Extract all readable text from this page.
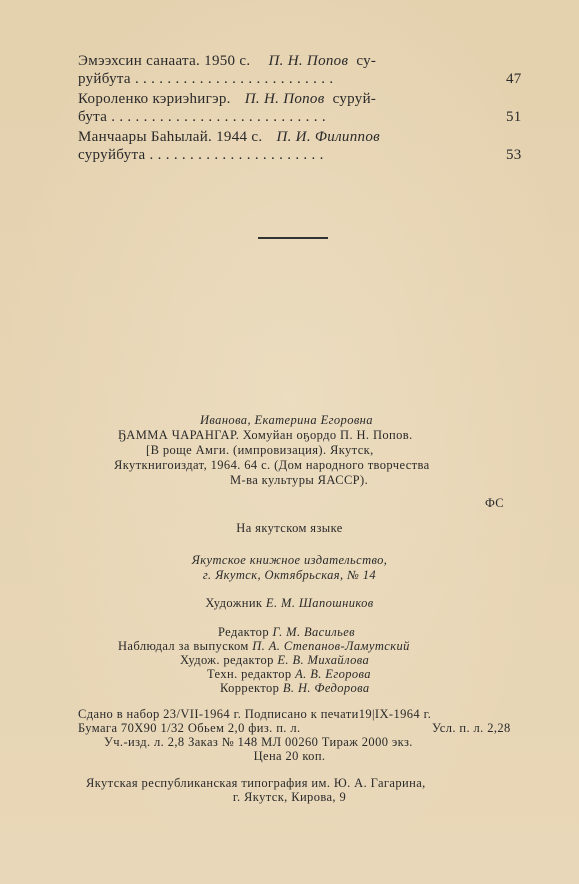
Эмээхсин санаата. 1950 с. П. Н. Попов су-
руйбута . . . . . . . . . . . . . . . . . . . . . . . . .	47
Короленко кэриэhигэр. П. Н. Попов суруй-
бута . . . . . . . . . . . . . . . . . . . . . . . . . . .	51
Манчаары Баhылай. 1944 с. П. И. Филиппов
суруйбута . . . . . . . . . . . . . . . . . . . . . .	53
Иванова, Екатерина Егоровна
ҔАММА ЧАРАНГАР. Хомуйан оҕордо П. Н. Попов.
[В роще Амги. (импровизация). Якутск,
Якуткнигоиздат, 1964. 64 с. (Дом народного творчества
М-ва культуры ЯАССР).
ФС
На якутском языке
Якутское книжное издательство,
г. Якутск, Октябрьская, № 14
Художник Е. М. Шапошников
Редактор Г. М. Васильев
Наблюдал за выпуском П. А. Степанов-Ламутский
Худож. редактор Е. В. Михайлова
Техн. редактор А. В. Егорова
Корректор В. Н. Федорова
Сдано в набор 23/VII-1964 г. Подписано к печати19|IX-1964 г.
Бумага 70X90 1/32 Обьем 2,0 физ. п. л.	Усл. п. л. 2,28
Уч.-изд. л. 2,8 Заказ № 148 МЛ 00260 Тираж 2000 экз.
Цена 20 коп.
Якутская республиканская типография им. Ю. А. Гагарина,
г. Якутск, Кирова, 9
